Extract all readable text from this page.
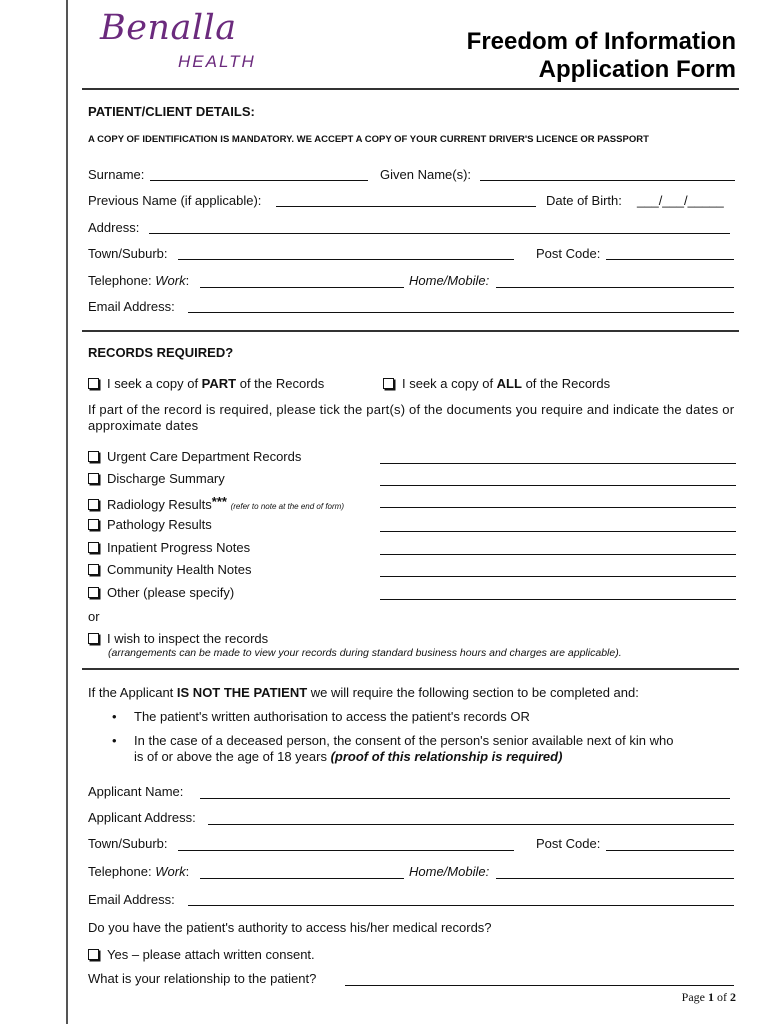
Benalla
HEALTH
Freedom of Information
Application Form
PATIENT/CLIENT DETAILS:
A COPY OF IDENTIFICATION IS MANDATORY. WE ACCEPT A COPY OF YOUR CURRENT DRIVER'S LICENCE OR PASSPORT
Surname:	Given Name(s):
Previous Name (if applicable):	Date of Birth: ___/___/_____
Address:
Town/Suburb:	Post Code:
Telephone: Work:	Home/Mobile:
Email Address:
RECORDS REQUIRED?
I seek a copy of PART of the Records	I seek a copy of ALL of the Records
If part of the record is required, please tick the part(s) of the documents you require and indicate the dates or approximate dates
Urgent Care Department Records
Discharge Summary
Radiology Results*** (refer to note at the end of form)
Pathology Results
Inpatient Progress Notes
Community Health Notes
Other (please specify)
or
I wish to inspect the records
(arrangements can be made to view your records during standard business hours and charges are applicable).
If the Applicant IS NOT THE PATIENT we will require the following section to be completed and:
• The patient's written authorisation to access the patient's records OR
• In the case of a deceased person, the consent of the person's senior available next of kin who
is of or above the age of 18 years (proof of this relationship is required)
Applicant Name:
Applicant Address:
Town/Suburb:	Post Code:
Telephone: Work:	Home/Mobile:
Email Address:
Do you have the patient's authority to access his/her medical records?
Yes – please attach written consent.
What is your relationship to the patient?
Page 1 of 2
